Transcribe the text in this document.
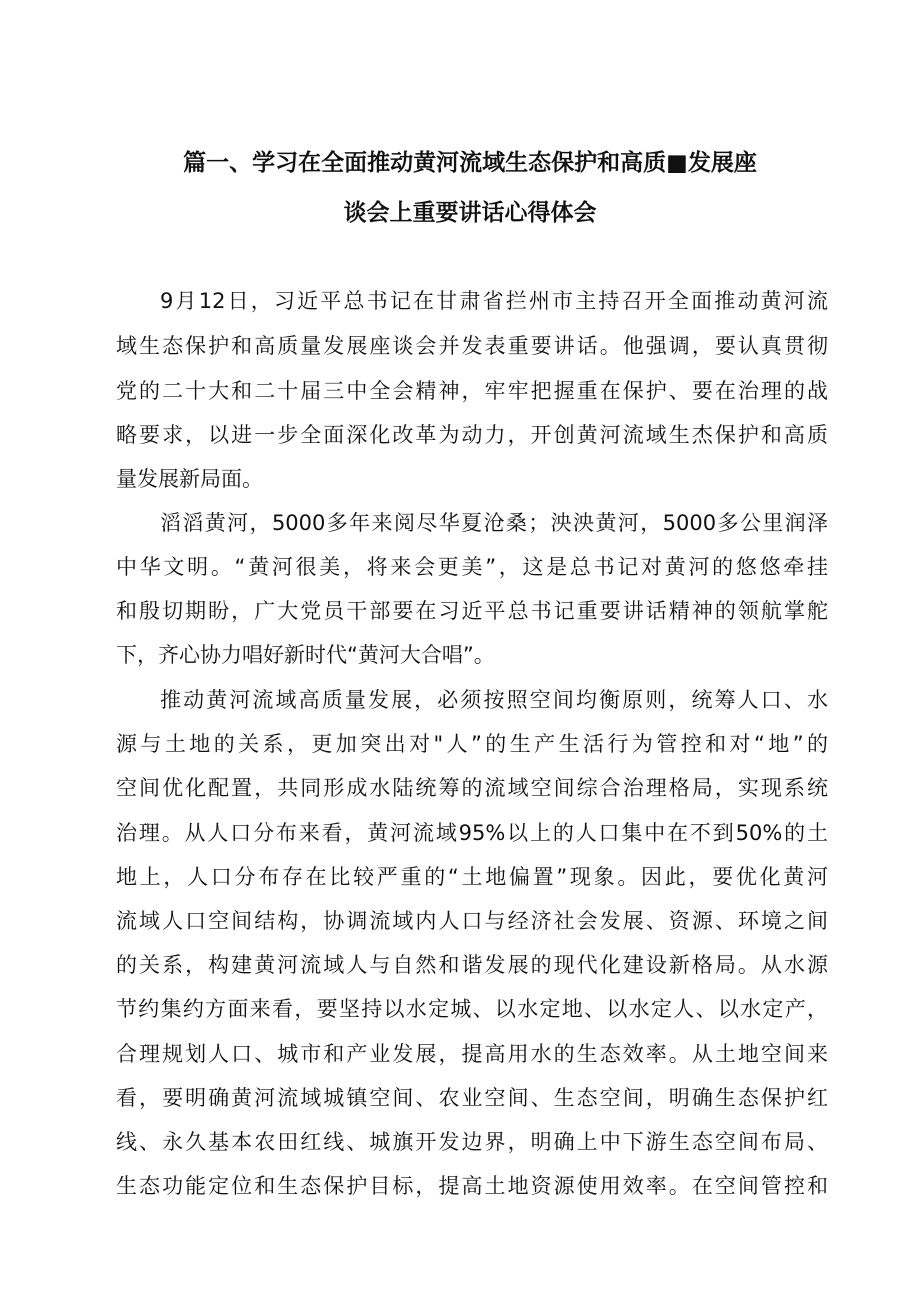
篇一、学习在全面推动黄河流域生态保护和高质■发展座
谈会上重要讲话心得体会
9月12日，习近平总书记在甘肃省拦州市主持召开全面推动黄河流
域生态保护和高质量发展座谈会并发表重要讲话。他强调，要认真贯彻
党的二十大和二十届三中全会精神，牢牢把握重在保护、要在治理的战
略要求，以进一步全面深化改革为动力，开创黄河流域生杰保护和高质
量发展新局面。
滔滔黄河，5000多年来阅尽华夏沧桑；泱泱黄河，5000多公里润泽
中华文明。“黄河很美，将来会更美”，这是总书记对黄河的悠悠牵挂
和殷切期盼，广大党员干部要在习近平总书记重要讲话精神的领航掌舵
下，齐心协力唱好新时代“黄河大合唱”。
推动黄河流域高质量发展，必须按照空间均衡原则，统筹人口、水
源与土地的关系，更加突出对"人”的生产生活行为管控和对“地”的
空间优化配置，共同形成水陆统筹的流域空间综合治理格局，实现系统
治理。从人口分布来看，黄河流域95%以上的人口集中在不到50%的土
地上，人口分布存在比较严重的“土地偏置”现象。因此，要优化黄河
流域人口空间结构，协调流域内人口与经济社会发展、资源、环境之间
的关系，构建黄河流域人与自然和谐发展的现代化建设新格局。从水源
节约集约方面来看，要坚持以水定城、以水定地、以水定人、以水定产，
合理规划人口、城市和产业发展，提高用水的生态效率。从土地空间来
看，要明确黄河流域城镇空间、农业空间、生态空间，明确生态保护红
线、永久基本农田红线、城旗开发边界，明确上中下游生态空间布局、
生态功能定位和生态保护目标，提高土地资源使用效率。在空间管控和
